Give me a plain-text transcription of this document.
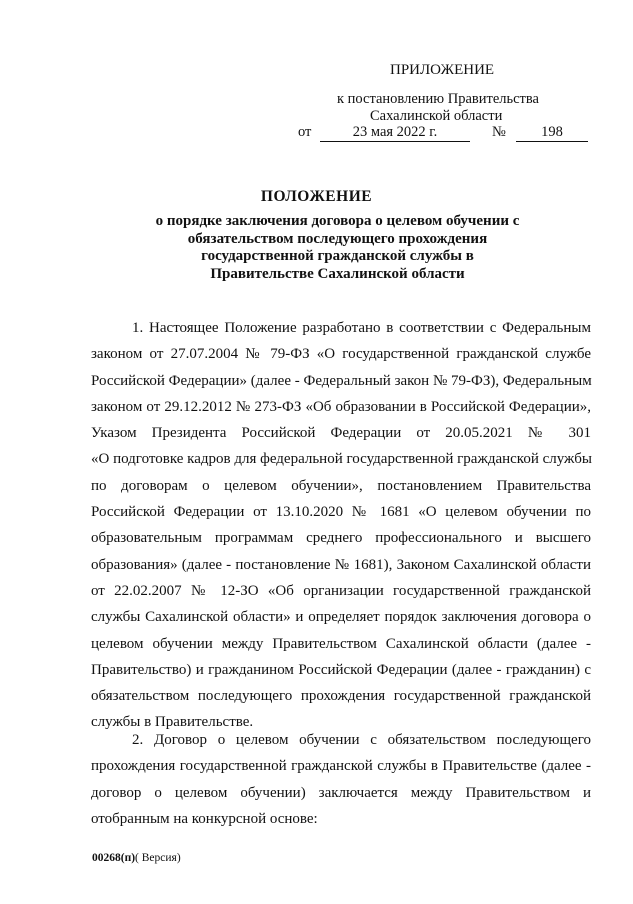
ПРИЛОЖЕНИЕ
к постановлению Правительства
Сахалинской области
от	23 мая 2022 г.	№	198
ПОЛОЖЕНИЕ
о порядке заключения договора о целевом обучении с
обязательством последующего прохождения
государственной гражданской службы в
Правительстве Сахалинской области
1. Настоящее Положение разработано в соответствии с Федеральным
законом от 27.07.2004 № 79-ФЗ «О государственной гражданской службе
Российской Федерации» (далее - Федеральный закон № 79-ФЗ), Федеральным
законом от 29.12.2012 № 273-ФЗ «Об образовании в Российской Федерации»,
Указом Президента Российской Федерации от 20.05.2021 № 301
«О подготовке кадров для федеральной государственной гражданской службы
по договорам о целевом обучении», постановлением Правительства
Российской Федерации от 13.10.2020 № 1681 «О целевом обучении по
образовательным программам среднего профессионального и высшего
образования» (далее - постановление № 1681), Законом Сахалинской области
от 22.02.2007 № 12-ЗО «Об организации государственной гражданской
службы Сахалинской области» и определяет порядок заключения договора о
целевом обучении между Правительством Сахалинской области (далее -
Правительство) и гражданином Российской Федерации (далее - гражданин) с
обязательством последующего прохождения государственной гражданской
службы в Правительстве.
2. Договор о целевом обучении с обязательством последующего
прохождения государственной гражданской службы в Правительстве (далее -
договор о целевом обучении) заключается между Правительством и
отобранным на конкурсной основе:
00268(п)( Версия)
